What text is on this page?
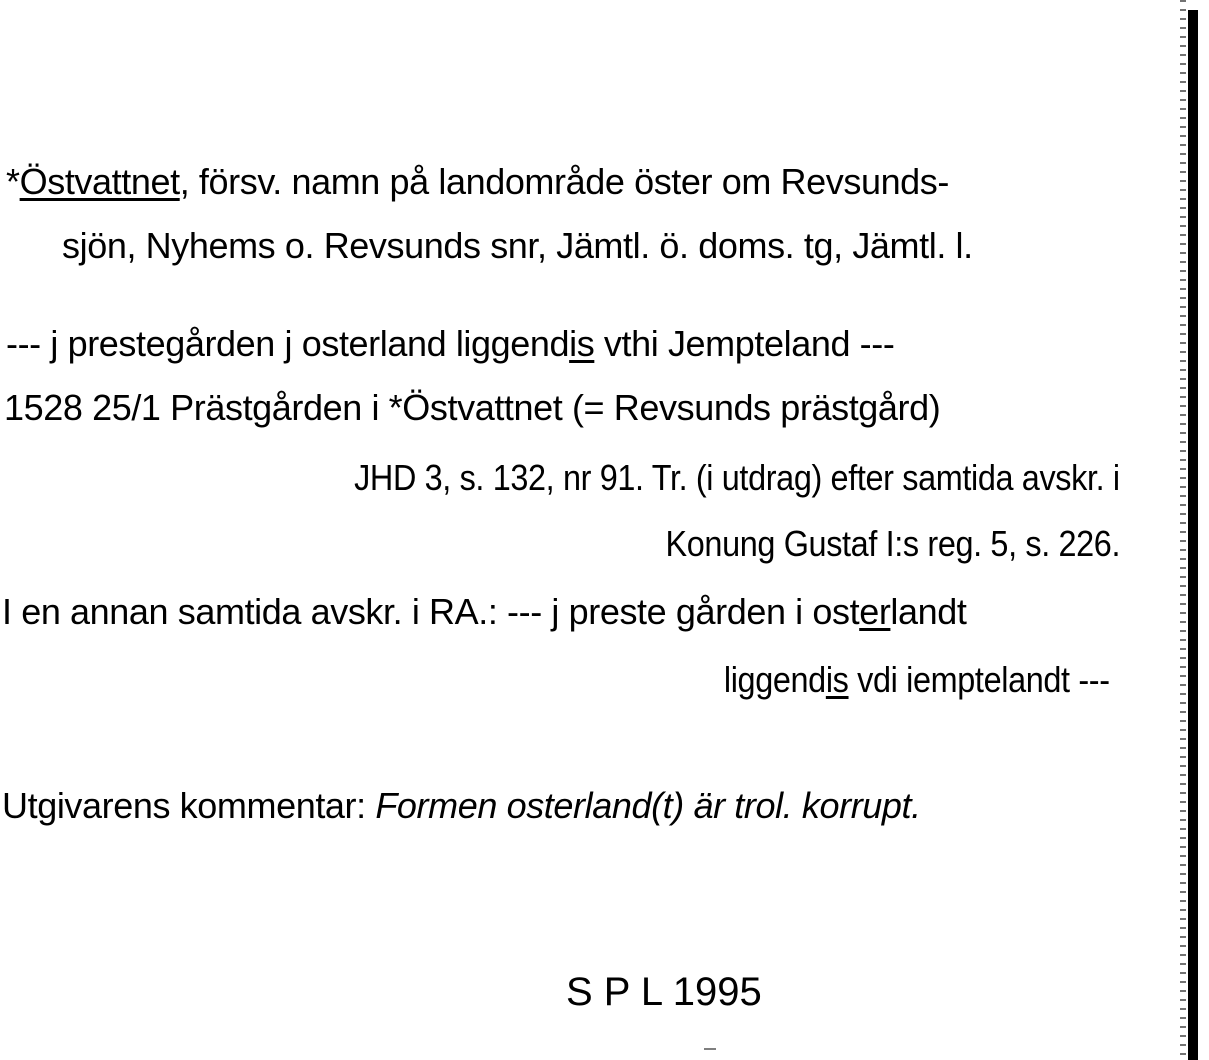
*Östvattnet, försv. namn på landområde öster om Revsunds-
sjön, Nyhems o. Revsunds snr, Jämtl. ö. doms. tg, Jämtl. l.
--- j prestegården j osterland liggendis vthi Jempteland ---
1528 25/1 Prästgården i *Östvattnet (= Revsunds prästgård)
JHD 3, s. 132, nr 91. Tr. (i utdrag) efter samtida avskr. i
Konung Gustaf I:s reg. 5, s. 226.
I en annan samtida avskr. i RA.: --- j preste gården i osterlandt
liggendis vdi iemptelandt ---
Utgivarens kommentar: Formen osterland(t) är trol. korrupt.
S P L 1995
